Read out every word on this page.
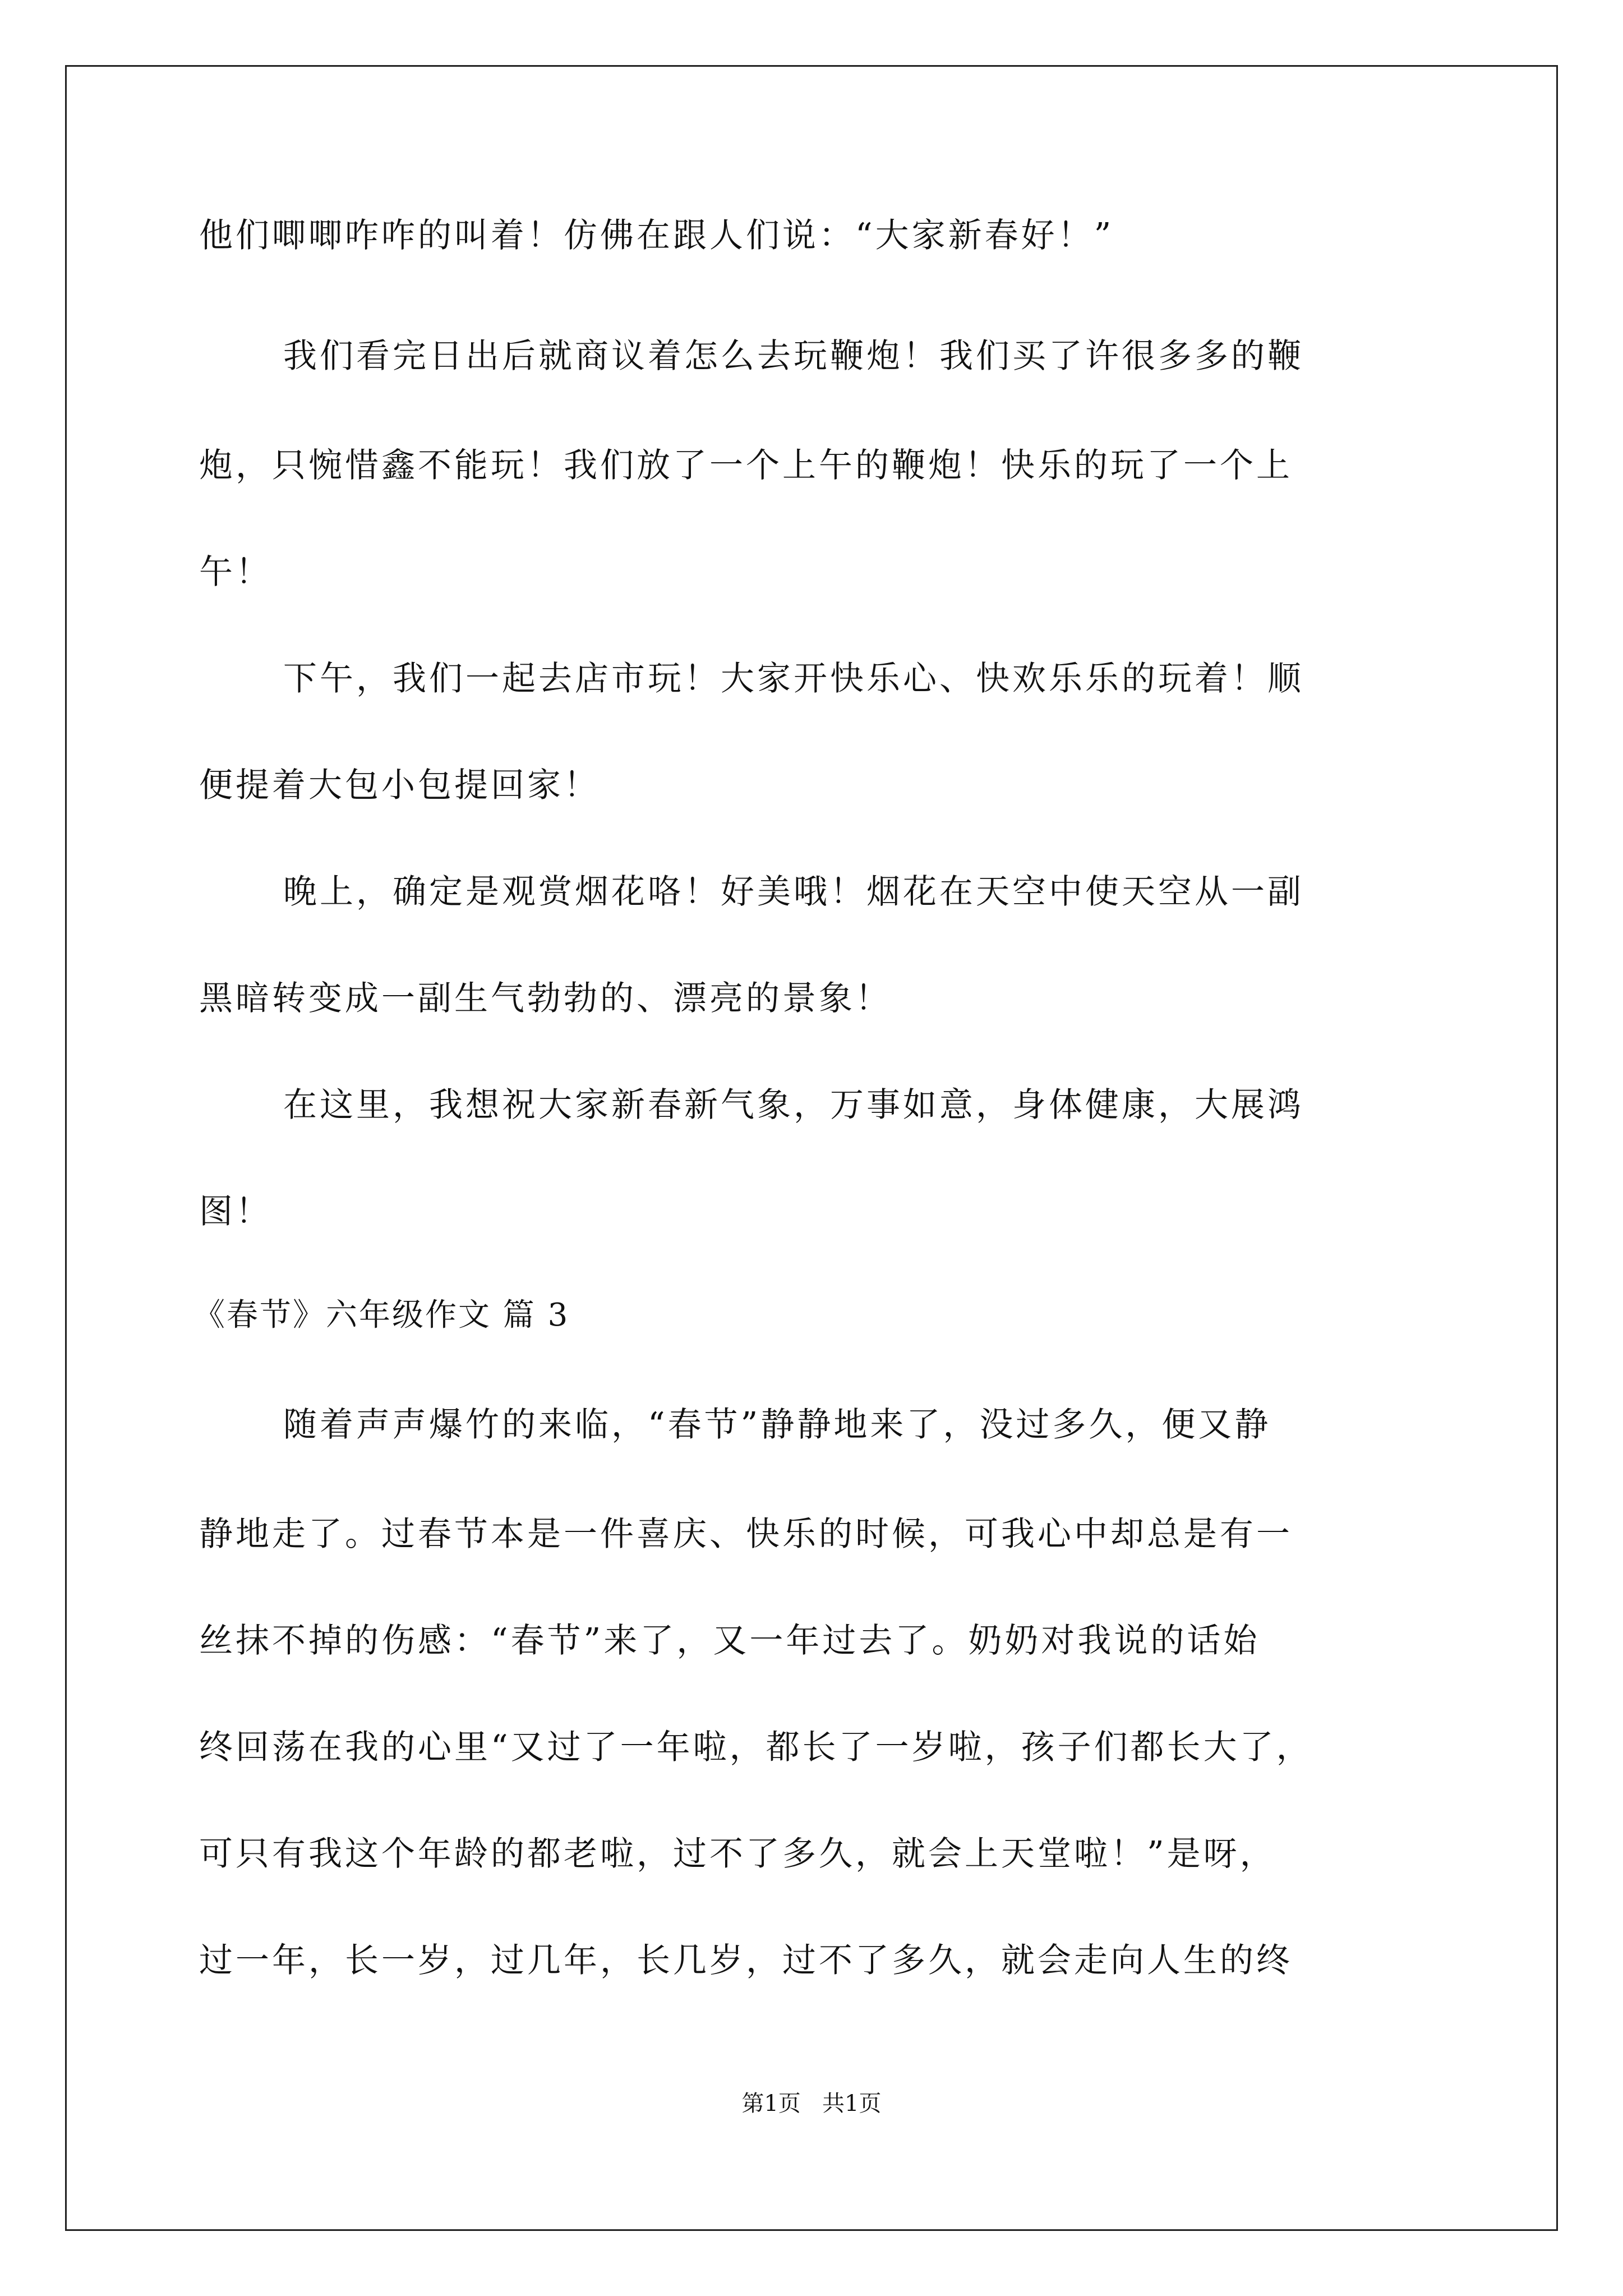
他们唧唧咋咋的叫着！仿佛在跟人们说：“大家新春好！”
我们看完日出后就商议着怎么去玩鞭炮！我们买了许很多多的鞭
炮，只惋惜鑫不能玩！我们放了一个上午的鞭炮！快乐的玩了一个上
午！
下午，我们一起去店市玩！大家开快乐心、快欢乐乐的玩着！顺
便提着大包小包提回家！
晚上，确定是观赏烟花咯！好美哦！烟花在天空中使天空从一副
黑暗转变成一副生气勃勃的、漂亮的景象！
在这里，我想祝大家新春新气象，万事如意，身体健康，大展鸿
图！
《春节》六年级作文 篇 3
随着声声爆竹的来临，“春节”静静地来了，没过多久，便又静
静地走了。过春节本是一件喜庆、快乐的时候，可我心中却总是有一
丝抹不掉的伤感：“春节”来了，又一年过去了。奶奶对我说的话始
终回荡在我的心里“又过了一年啦，都长了一岁啦，孩子们都长大了，
可只有我这个年龄的都老啦，过不了多久，就会上天堂啦！”是呀，
过一年，长一岁，过几年，长几岁，过不了多久，就会走向人生的终
第1页   共1页
